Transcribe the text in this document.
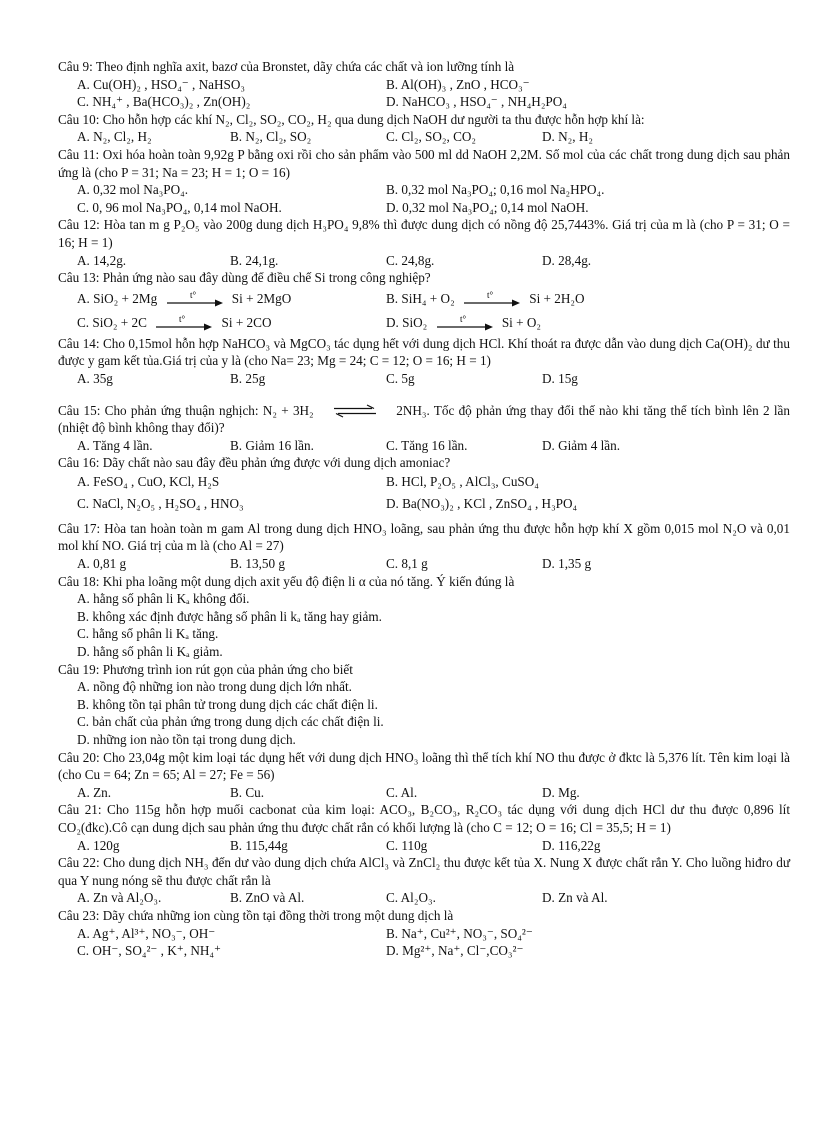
Câu 9: Theo định nghĩa axit, bazơ của Bronstet, dãy chứa các chất và ion lưỡng tính là
A. Cu(OH)₂ , HSO₄⁻ , NaHSO₃	B. Al(OH)₃ , ZnO , HCO₃⁻
C. NH₄⁺ , Ba(HCO₃)₂ , Zn(OH)₂	D. NaHCO₃ , HSO₄⁻ , NH₄H₂PO₄
Câu 10: Cho hỗn hợp các khí N₂, Cl₂, SO₂, CO₂, H₂ qua dung dịch NaOH dư người ta thu được hỗn hợp khí là:
A. N₂, Cl₂, H₂	B. N₂, Cl₂, SO₂	C. Cl₂, SO₂, CO₂	D. N₂, H₂
Câu 11: Oxi hóa hoàn toàn 9,92g P bằng oxi rồi cho sản phẩm vào 500 ml dd NaOH 2,2M. Số mol của các chất trong dung dịch sau phản ứng là (cho P = 31; Na = 23; H = 1; O = 16)
A. 0,32 mol Na₃PO₄.	B. 0,32 mol Na₃PO₄; 0,16 mol Na₂HPO₄.
C. 0, 96 mol Na₃PO₄, 0,14 mol NaOH.	D. 0,32 mol Na₃PO₄; 0,14 mol NaOH.
Câu 12: Hòa tan m g P₂O₅ vào 200g dung dịch H₃PO₄ 9,8% thì được dung dịch có nồng độ 25,7443%. Giá trị của m là (cho P = 31; O = 16; H = 1)
A. 14,2g.	B. 24,1g.	C. 24,8g.	D. 28,4g.
Câu 13: Phản ứng nào sau đây dùng để điều chế Si trong công nghiệp?
A. SiO₂ + 2Mg	t°	Si + 2MgO	B. SiH₄ + O₂	t°	Si + 2H₂O
C. SiO₂ + 2C	t°	Si + 2CO	D. SiO₂	t°	Si + O₂
Câu 14: Cho 0,15mol hỗn hợp NaHCO₃ và MgCO₃ tác dụng hết với dung dịch HCl. Khí thoát ra được dẫn vào dung dịch Ca(OH)₂ dư thu được y gam kết tủa.Giá trị của y là (cho Na= 23; Mg = 24; C = 12; O = 16; H = 1)
A. 35g	B. 25g	C. 5g	D. 15g
Câu 15: Cho phản ứng thuận nghịch: N₂ + 3H₂ ⇌ 2NH₃. Tốc độ phản ứng thay đổi thế nào khi tăng thể tích bình lên 2 lần (nhiệt độ bình không thay đổi)?
A. Tăng 4 lần.	B. Giảm 16 lần.	C. Tăng 16 lần.	D. Giảm 4 lần.
Câu 16: Dãy chất nào sau đây đều phản ứng được với dung dịch amoniac?
A. FeSO₄ , CuO, KCl, H₂S	B. HCl, P₂O₅ , AlCl₃, CuSO₄
C. NaCl, N₂O₅ , H₂SO₄ , HNO₃	D. Ba(NO₃)₂ , KCl , ZnSO₄ , H₃PO₄
Câu 17: Hòa tan hoàn toàn m gam Al trong dung dịch HNO₃ loãng, sau phản ứng thu được hỗn hợp khí X gồm 0,015 mol N₂O và 0,01 mol khí NO. Giá trị của m là (cho Al = 27)
A. 0,81 g	B. 13,50 g	C. 8,1 g	D. 1,35 g
Câu 18: Khi pha loãng một dung dịch axit yếu độ điện li α của nó tăng. Ý kiến đúng là
A. hằng số phân li Kₐ không đổi.
B. không xác định được hằng số phân li kₐ tăng hay giảm.
C. hằng số phân li Kₐ tăng.
D. hằng số phân li Kₐ giảm.
Câu 19: Phương trình ion rút gọn của phản ứng cho biết
A. nồng độ những ion nào trong dung dịch lớn nhất.
B. không tồn tại phân tử trong dung dịch các chất điện li.
C. bản chất của phản ứng trong dung dịch các chất điện li.
D. những ion nào tồn tại trong dung dịch.
Câu 20: Cho 23,04g một kim loại tác dụng hết với dung dịch HNO₃ loãng thì thể tích khí NO thu được ở đktc là 5,376 lít. Tên kim loại là (cho Cu = 64; Zn = 65; Al = 27; Fe = 56)
A. Zn.	B. Cu.	C. Al.	D. Mg.
Câu 21: Cho 115g hỗn hợp muối cacbonat của kim loại: ACO₃, B₂CO₃, R₂CO₃ tác dụng với dung dịch HCl dư thu được 0,896 lít CO₂(đkc).Cô cạn dung dịch sau phản ứng thu được chất rắn có khối lượng là (cho C = 12; O = 16; Cl = 35,5; H = 1)
A. 120g	B. 115,44g	C. 110g	D. 116,22g
Câu 22: Cho dung dịch NH₃ đến dư vào dung dịch chứa AlCl₃ và ZnCl₂ thu được kết tủa X. Nung X được chất rắn Y. Cho luồng hiđro dư qua Y nung nóng sẽ thu được chất rắn là
A. Zn và Al₂O₃.	B. ZnO và Al.	C. Al₂O₃.	D. Zn và Al.
Câu 23: Dãy chứa những ion cùng tồn tại đồng thời trong một dung dịch là
A. Ag⁺, Al³⁺, NO₃⁻, OH⁻	B. Na⁺, Cu²⁺, NO₃⁻, SO₄²⁻
C. OH⁻, SO₄²⁻ , K⁺, NH₄⁺	D. Mg²⁺, Na⁺, Cl⁻,CO₃²⁻
